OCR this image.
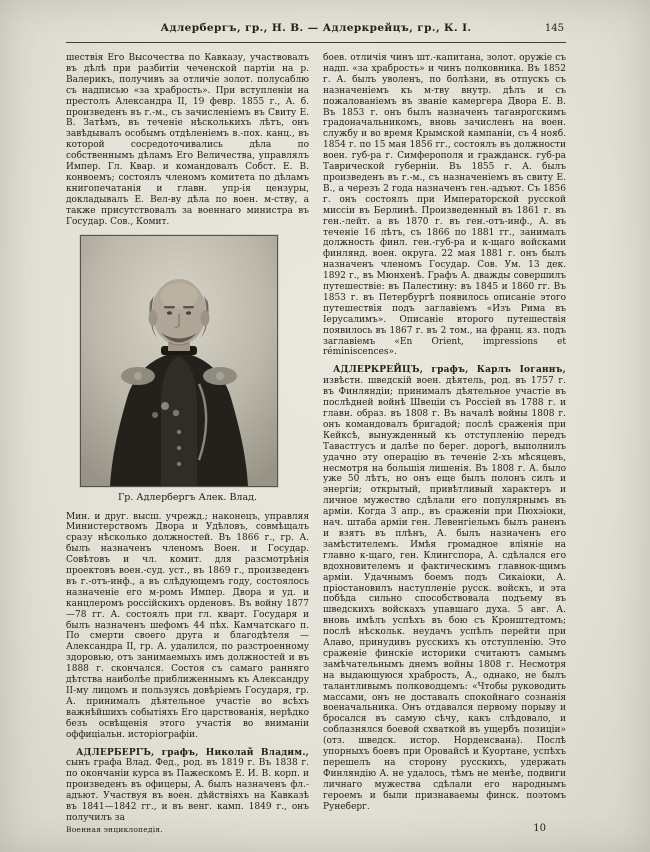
Адлербергъ, гр., Н. В. — Адлеркрейцъ, гр., К. I.	145

шествія Его Высочества по Кавказу, участвовалъ въ дѣлѣ при разбитіи чеченской партіи на р. Валерикъ, получивъ за отличіе золот. полусаблю съ надписью «за храбрость». При вступленіи на престолъ Александра II, 19 февр. 1855 г., А. б. произведенъ въ г.-м., съ зачисленіемъ въ Свиту Е. В. Затѣмъ, въ теченіе нѣсколькихъ лѣтъ, онъ завѣдывалъ особымъ отдѣленіемъ в.-пох. канц., въ которой сосредоточивались дѣла по собственнымъ дѣламъ Его Величества, управлялъ Импер. Гл. Квар. и командовалъ Собст. Е. В. конвоемъ; состоялъ членомъ комитета по дѣламъ книгопечатанія и главн. упр-ія цензуры, докладывалъ Е. Вел-ву дѣла по воен. м-ству, а также присутствовалъ за военнаго министра въ Государ. Сов., Комит.

Гр. Адлербергъ Алек. Влад.

Мин. и друг. высш. учрежд.; наконецъ, управляя Министерствомъ Двора и Удѣловъ, совмѣщалъ сразу нѣсколько должностей. Въ 1866 г., гр. А. былъ назначенъ членомъ Воен. и Государ. Совѣтовъ и чл. комит. для разсмотрѣнія проектовъ воен.-суд. уст., въ 1869 г., произведенъ въ г.-отъ-инф., а въ слѣдующемъ году, состоялось назначеніе его м-ромъ Импер. Двора и уд. и канцлеромъ россійскихъ орденовъ. Въ войну 1877—78 гг. А. состоялъ при гл. кварт. Государя и былъ назначенъ шефомъ 44 пѣх. Камчатскаго п. По смерти своего друга и благодѣтеля — Александра II, гр. А. удалился, по разстроенному здоровью, отъ занимаемыхъ имъ должностей и въ 1888 г. скончался. Состоя съ самаго ранняго дѣтства наиболѣе приближеннымъ къ Александру II-му лицомъ и пользуясь довѣріемъ Государя, гр. А. принималъ дѣятельное участіе во всѣхъ важнѣйшихъ событіяхъ Его царствованія, нерѣдко безъ освѣщенія этого участія во вниманіи оффиціальн. исторіографіи.

АДЛЕРБЕРГЪ, графъ, Николай Владим., сынъ графа Влад. Фед., род. въ 1819 г. Въ 1838 г. по окончаніи курса въ Пажескомъ Е. И. В. корп. и произведенъ въ офицеры, А. былъ назначенъ фл.-адъют. Участвуя въ воен. дѣйствіяхъ на Кавказѣ въ 1841—1842 гг., и въ венг. камп. 1849 г., онъ получилъ за

боев. отличія чинъ шт.-капитана, золот. оружіе съ надп. «за храбрость» и чинъ полковника. Въ 1852 г. А. былъ уволенъ, по болѣзни, въ отпускъ съ назначеніемъ къ м-тву внутр. дѣлъ и съ пожалованіемъ въ званіе камергера Двора Е. В. Въ 1853 г. онъ былъ назначенъ таганрогскимъ градоначальникомъ, вновь зачисленъ на воен. службу и во время Крымской кампаніи, съ 4 нояб. 1854 г. по 15 мая 1856 гг., состоялъ въ должности воен. губ-ра г. Симферополя и гражданск. губ-ра Таврической губерніи. Въ 1855 г. А. былъ произведенъ въ г.-м., съ назначеніемъ въ свиту Е. В., а черезъ 2 года назначенъ ген.-адъют. Съ 1856 г. онъ состоялъ при Императорской русской миссіи въ Берлинѣ. Произведенный въ 1861 г. въ ген.-лейт. а въ 1870 г. въ ген.-отъ-инф., А. въ теченіе 16 лѣтъ, съ 1866 по 1881 гг., занималъ должность финл. ген.-губ-ра и к-щаго войсками финлянд. воен. округа. 22 мая 1881 г. онъ былъ назначенъ членомъ Государ. Сов. Ум. 13 дек. 1892 г., въ Мюнхенѣ. Графъ А. дважды совершилъ путешествіе: въ Палестину: въ 1845 и 1860 гг. Въ 1853 г. въ Петербургѣ появилось описаніе этого путешествія подъ заглавіемъ «Изъ Рима въ Іерусалимъ». Описаніе второго путешествія появилось въ 1867 г. въ 2 том., на франц. яз. подъ заглавіемъ «En Orient, impressions et réminiscences».

АДЛЕРКРЕЙЦЪ, графъ, Карлъ Іоганнъ, извѣстн. шведскій воен. дѣятель, род. въ 1757 г. въ Финляндіи; принималъ дѣятельное участіе въ послѣдней войнѣ Швеціи съ Россіей въ 1788 г. и главн. образ. въ 1808 г. Въ началѣ войны 1808 г. онъ командовалъ бригадой; послѣ сраженія при Кейксѣ, вынужденный къ отступленію передъ Тавастгусъ и далѣе по берег. дорогѣ, выполнилъ удачно эту операцію въ теченіе 2-хъ мѣсяцевъ, несмотря на большія лишенія. Въ 1808 г. А. было уже 50 лѣтъ, но онъ еще былъ полонъ силъ и энергіи; открытый, привѣтливый характеръ и личное мужество сдѣлали его популярнымъ въ арміи. Когда 3 апр., въ сраженіи при Пюхэіоки, нач. штаба арміи ген. Левенгіельмъ былъ раненъ и взятъ въ плѣнъ, А. былъ назначенъ его замѣстителемъ. Имѣя громадное вліяніе на главно к-щаго, ген. Клингспора, А. сдѣлался его вдохновителемъ и фактическимъ главнок-щимъ арміи. Удачнымъ боемъ подъ Сикаіоки, А. пріостановилъ наступленіе русск. войскъ, и эта побѣда сильно способствовала подъему въ шведскихъ войскахъ упавшаго духа. 5 авг. А. вновь имѣлъ успѣхъ въ бою съ Кронштедтомъ; послѣ нѣскольк. неудачъ успѣлъ перейти при Алаво, принудивъ русскихъ къ отступленію. Это сраженіе финскіе историки считаютъ самымъ замѣчательнымъ днемъ войны 1808 г. Несмотря на выдающуюся храбрость, А., однако, не былъ талантливымъ полководцемъ: «Чтобы руководить массами, онъ не доставалъ спокойнаго сознанія военачальника. Онъ отдавался первому порыву и бросался въ самую сѣчу, какъ слѣдовало, и соблазнялся боевой схваткой въ ущербъ позиціи» (отз. шведск. истор. Норденсвана). Послѣ упорныхъ боевъ при Оровайсѣ и Куортане, успѣхъ перешелъ на сторону русскихъ, удержать Финляндію А. не удалось, тѣмъ не менѣе, подвиги личнаго мужества сдѣлали его народнымъ героемъ и были признаваемы финск. поэтомъ Рунеберг.

Военная энциклопедія.	10
